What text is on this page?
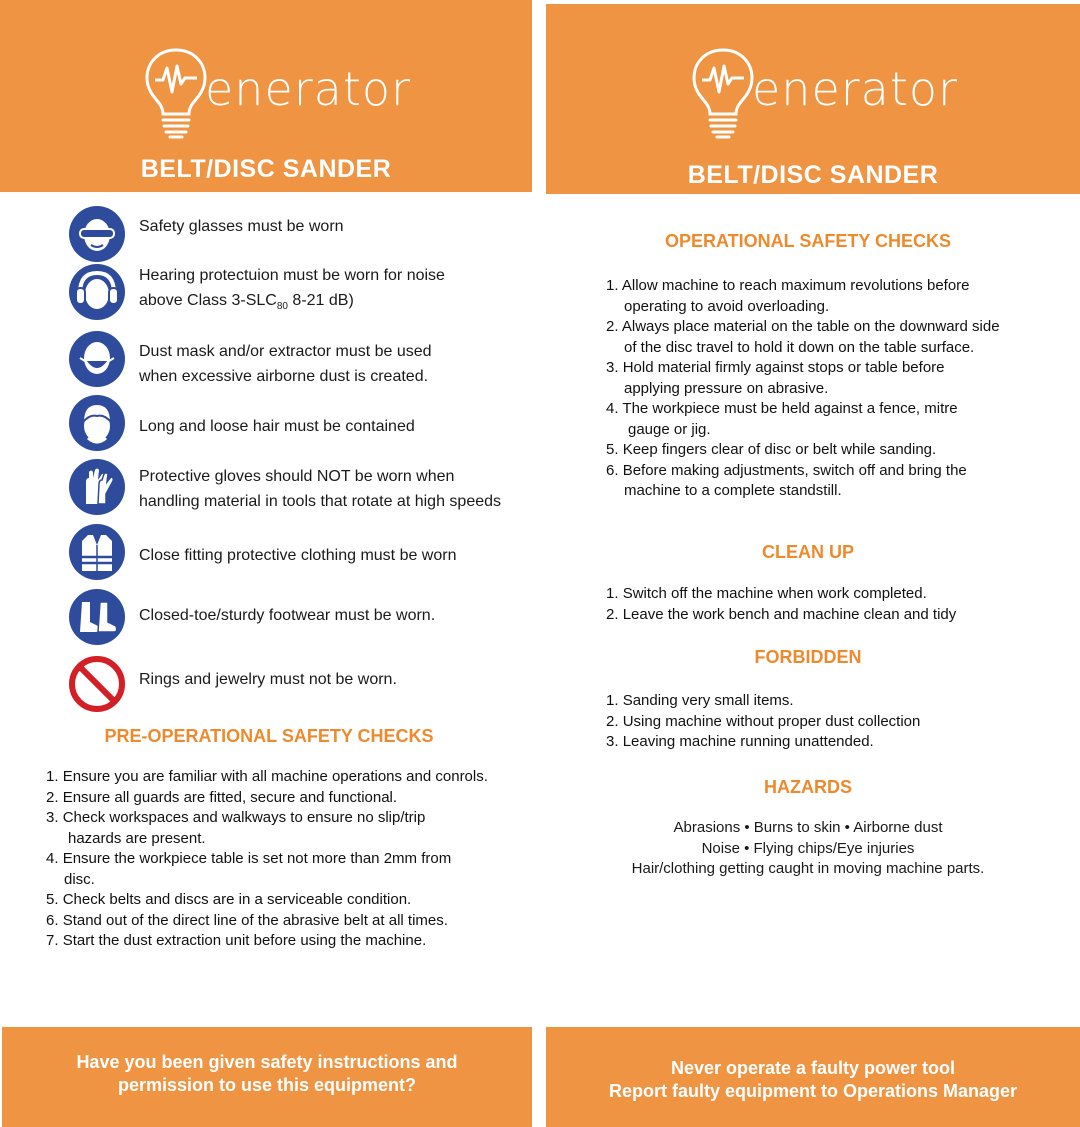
enerator
BELT/DISC SANDER
Safety glasses must be worn
Hearing protectuion must be worn for noise
above Class $3-SLC_{80}$ 8-21 dB)
Dust mask and/or extractor must be used
when excessive airborne dust is created.
Long and loose hair must be contained
Protective gloves should NOT be worn when
handling material in tools that rotate at high speeds
Close fitting protective clothing must be worn
Closed-toe/sturdy footwear must be worn.
Rings and jewelry must not be worn.
PRE-OPERATIONAL SAFETY CHECKS
1. Ensure you are familiar with all machine operations and conrols.
2. Ensure all guards are fitted, secure and functional.
3. Check workspaces and walkways to ensure no slip/trip
hazards are present.
4. Ensure the workpiece table is set not more than 2mm from
disc.
5. Check belts and discs are in a serviceable condition.
6. Stand out of the direct line of the abrasive belt at all times.
7. Start the dust extraction unit before using the machine.
Have you been given safety instructions and
permission to use this equipment?
enerator
BELT/DISC SANDER
OPERATIONAL SAFETY CHECKS
1. Allow machine to reach maximum revolutions before
operating to avoid overloading.
2. Always place material on the table on the downward side
of the disc travel to hold it down on the table surface.
3. Hold material firmly against stops or table before
applying pressure on abrasive.
4. The workpiece must be held against a fence, mitre
gauge or jig.
5. Keep fingers clear of disc or belt while sanding.
6. Before making adjustments, switch off and bring the
machine to a complete standstill.
CLEAN UP
1. Switch off the machine when work completed.
2. Leave the work bench and machine clean and tidy
FORBIDDEN
1. Sanding very small items.
2. Using machine without proper dust collection
3. Leaving machine running unattended.
HAZARDS
Abrasions • Burns to skin • Airborne dust
Noise • Flying chips/Eye injuries
Hair/clothing getting caught in moving machine parts.
Never operate a faulty power tool
Report faulty equipment to Operations Manager
